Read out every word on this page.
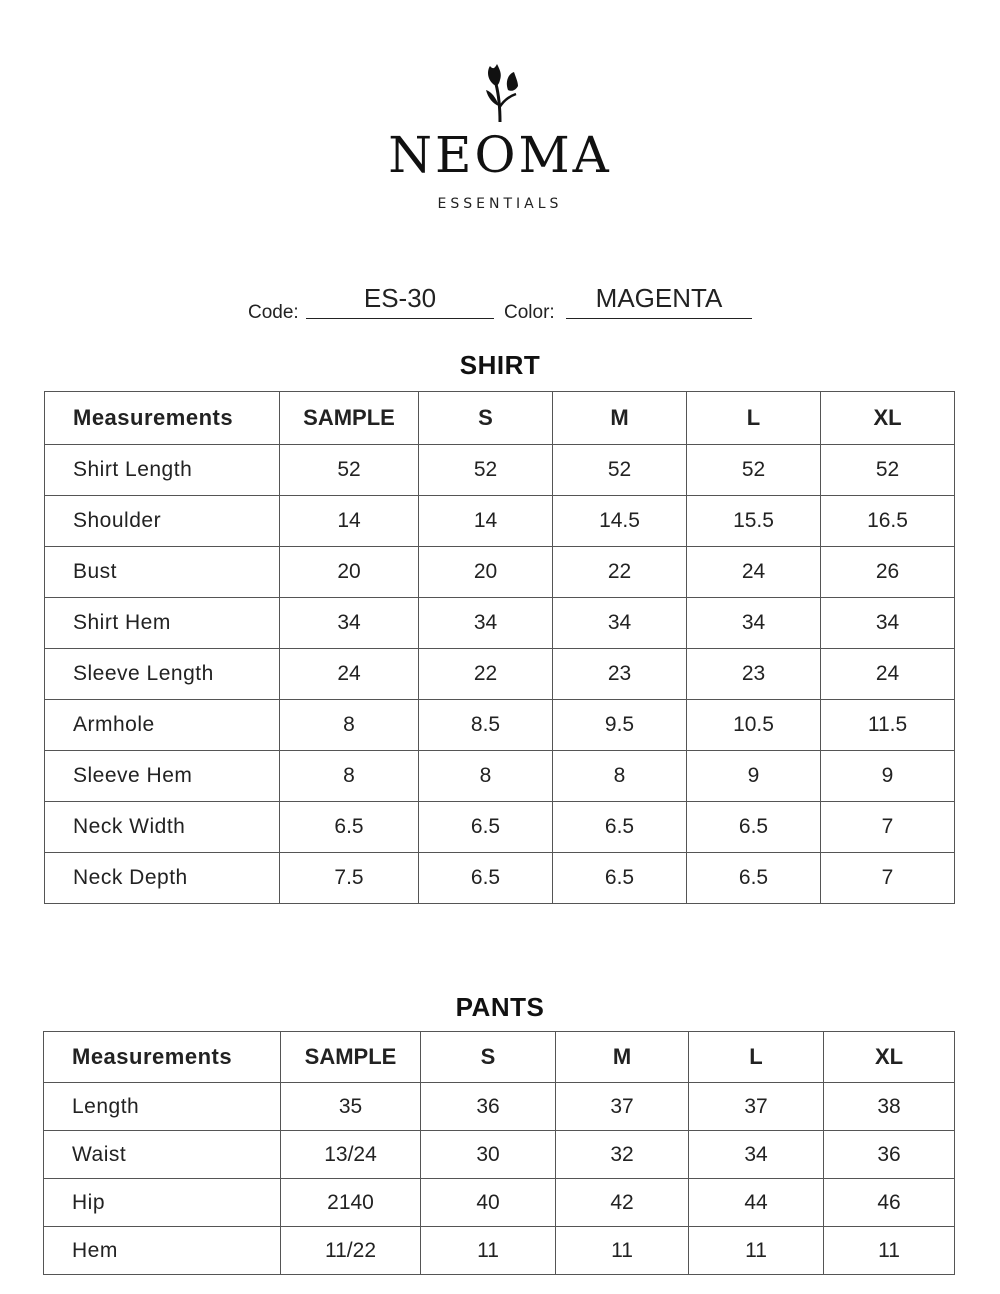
NEOMA
ESSENTIALS
Code:	ES-30	Color:	MAGENTA
SHIRT
Measurements	SAMPLE	S	M	L	XL
Shirt Length	52	52	52	52	52
Shoulder	14	14	14.5	15.5	16.5
Bust	20	20	22	24	26
Shirt Hem	34	34	34	34	34
Sleeve Length	24	22	23	23	24
Armhole	8	8.5	9.5	10.5	11.5
Sleeve Hem	8	8	8	9	9
Neck Width	6.5	6.5	6.5	6.5	7
Neck Depth	7.5	6.5	6.5	6.5	7
PANTS
Measurements	SAMPLE	S	M	L	XL
Length	35	36	37	37	38
Waist	13/24	30	32	34	36
Hip	2140	40	42	44	46
Hem	11/22	11	11	11	11
